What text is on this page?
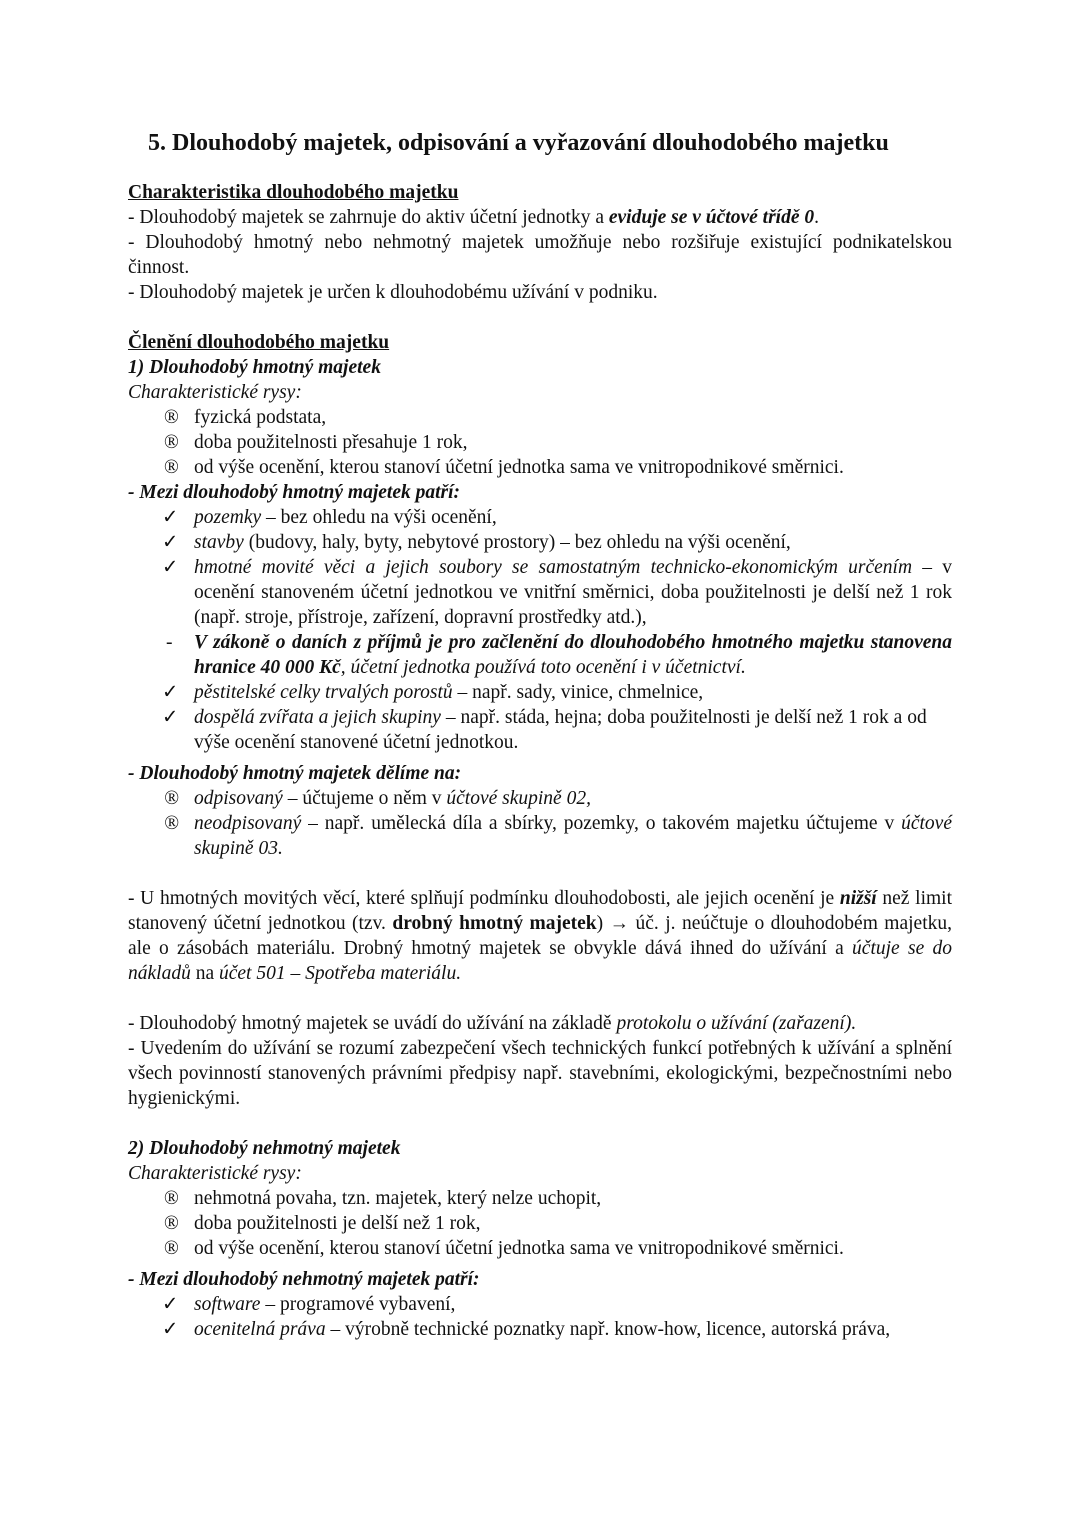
5. Dlouhodobý majetek, odpisování a vyřazování dlouhodobého majetku
Charakteristika dlouhodobého majetku

- Dlouhodobý majetek se zahrnuje do aktiv účetní jednotky a eviduje se v účtové třídě 0.

- Dlouhodobý hmotný nebo nehmotný majetek umožňuje nebo rozšiřuje existující podnikatelskou činnost.

- Dlouhodobý majetek je určen k dlouhodobému užívání v podniku.

Členění dlouhodobého majetku
1) Dlouhodobý hmotný majetek
Charakteristické rysy:
® fyzická podstata,
® doba použitelnosti přesahuje 1 rok,
® od výše ocenění, kterou stanoví účetní jednotka sama ve vnitropodnikové směrnici.
- Mezi dlouhodobý hmotný majetek patří:
✓ pozemky – bez ohledu na výši ocenění,
✓ stavby (budovy, haly, byty, nebytové prostory) – bez ohledu na výši ocenění,
✓ hmotné movité věci a jejich soubory se samostatným technicko-ekonomickým určením – v ocenění stanoveném účetní jednotkou ve vnitřní směrnici, doba použitelnosti je delší než 1 rok (např. stroje, přístroje, zařízení, dopravní prostředky atd.),
- V zákoně o daních z příjmů je pro začlenění do dlouhodobého hmotného majetku stanovena hranice 40 000 Kč, účetní jednotka používá toto ocenění i v účetnictví.
✓ pěstitelské celky trvalých porostů – např. sady, vinice, chmelnice,
✓ dospělá zvířata a jejich skupiny – např. stáda, hejna; doba použitelnosti je delší než 1 rok a od výše ocenění stanovené účetní jednotkou.
- Dlouhodobý hmotný majetek dělíme na:
® odpisovaný – účtujeme o něm v účtové skupině 02,
® neodpisovaný – např. umělecká díla a sbírky, pozemky, o takovém majetku účtujeme v účtové skupině 03.

- U hmotných movitých věcí, které splňují podmínku dlouhodobosti, ale jejich ocenění je nižší než limit stanovený účetní jednotkou (tzv. drobný hmotný majetek) → úč. j. neúčtuje o dlouhodobém majetku, ale o zásobách materiálu. Drobný hmotný majetek se obvykle dává ihned do užívání a účtuje se do nákladů na účet 501 – Spotřeba materiálu.

- Dlouhodobý hmotný majetek se uvádí do užívání na základě protokolu o užívání (zařazení).

- Uvedením do užívání se rozumí zabezpečení všech technických funkcí potřebných k užívání a splnění všech povinností stanovených právními předpisy např. stavebními, ekologickými, bezpečnostními nebo hygienickými.

2) Dlouhodobý nehmotný majetek
Charakteristické rysy:
® nehmotná povaha, tzn. majetek, který nelze uchopit,
® doba použitelnosti je delší než 1 rok,
® od výše ocenění, kterou stanoví účetní jednotka sama ve vnitropodnikové směrnici.
- Mezi dlouhodobý nehmotný majetek patří:
✓ software – programové vybavení,
✓ ocenitelná práva – výrobně technické poznatky např. know-how, licence, autorská práva,
